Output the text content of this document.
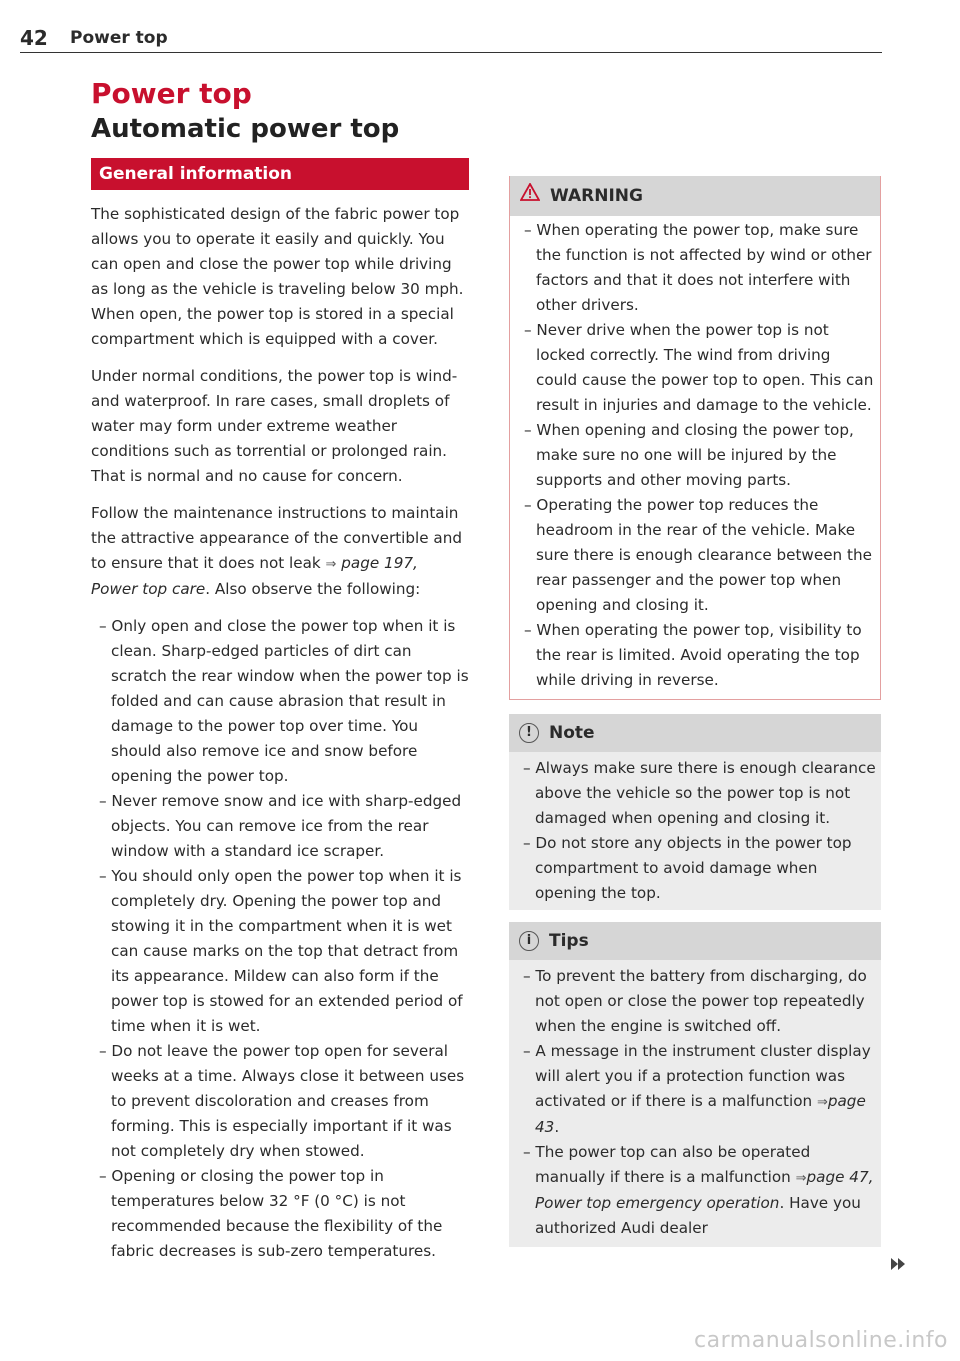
42 Power top
Power top
Automatic power top
General information

The sophisticated design of the fabric power top allows you to operate it easily and quickly. You can open and close the power top while driving as long as the vehicle is traveling below 30 mph. When open, the power top is stored in a special compartment which is equipped with a cover.

Under normal conditions, the power top is wind- and waterproof. In rare cases, small droplets of water may form under extreme weather conditions such as torrential or prolonged rain. That is normal and no cause for concern.

Follow the maintenance instructions to maintain the attractive appearance of the convertible and to ensure that it does not leak ⇒ page 197, Power top care. Also observe the following:

– Only open and close the power top when it is clean. Sharp-edged particles of dirt can scratch the rear window when the power top is folded and can cause abrasion that result in damage to the power top over time. You should also remove ice and snow before opening the power top.
– Never remove snow and ice with sharp-edged objects. You can remove ice from the rear window with a standard ice scraper.
– You should only open the power top when it is completely dry. Opening the power top and stowing it in the compartment when it is wet can cause marks on the top that detract from its appearance. Mildew can also form if the power top is stowed for an extended period of time when it is wet.
– Do not leave the power top open for several weeks at a time. Always close it between uses to prevent discoloration and creases from forming. This is especially important if it was not completely dry when stowed.
– Opening or closing the power top in temperatures below 32 °F (0 °C) is not recommended because the flexibility of the fabric decreases is sub-zero temperatures.
WARNING
– When operating the power top, make sure the function is not affected by wind or other factors and that it does not interfere with other drivers.
– Never drive when the power top is not locked correctly. The wind from driving could cause the power top to open. This can result in injuries and damage to the vehicle.
– When opening and closing the power top, make sure no one will be injured by the supports and other moving parts.
– Operating the power top reduces the headroom in the rear of the vehicle. Make sure there is enough clearance between the rear passenger and the power top when opening and closing it.
– When operating the power top, visibility to the rear is limited. Avoid operating the top while driving in reverse.
! Note
– Always make sure there is enough clearance above the vehicle so the power top is not damaged when opening and closing it.
– Do not store any objects in the power top compartment to avoid damage when opening the top.
i Tips
– To prevent the battery from discharging, do not open or close the power top repeatedly when the engine is switched off.
– A message in the instrument cluster display will alert you if a protection function was activated or if there is a malfunction ⇒page 43.
– The power top can also be operated manually if there is a malfunction ⇒page 47, Power top emergency operation. Have you authorized Audi dealer
carmanualsonline.info
